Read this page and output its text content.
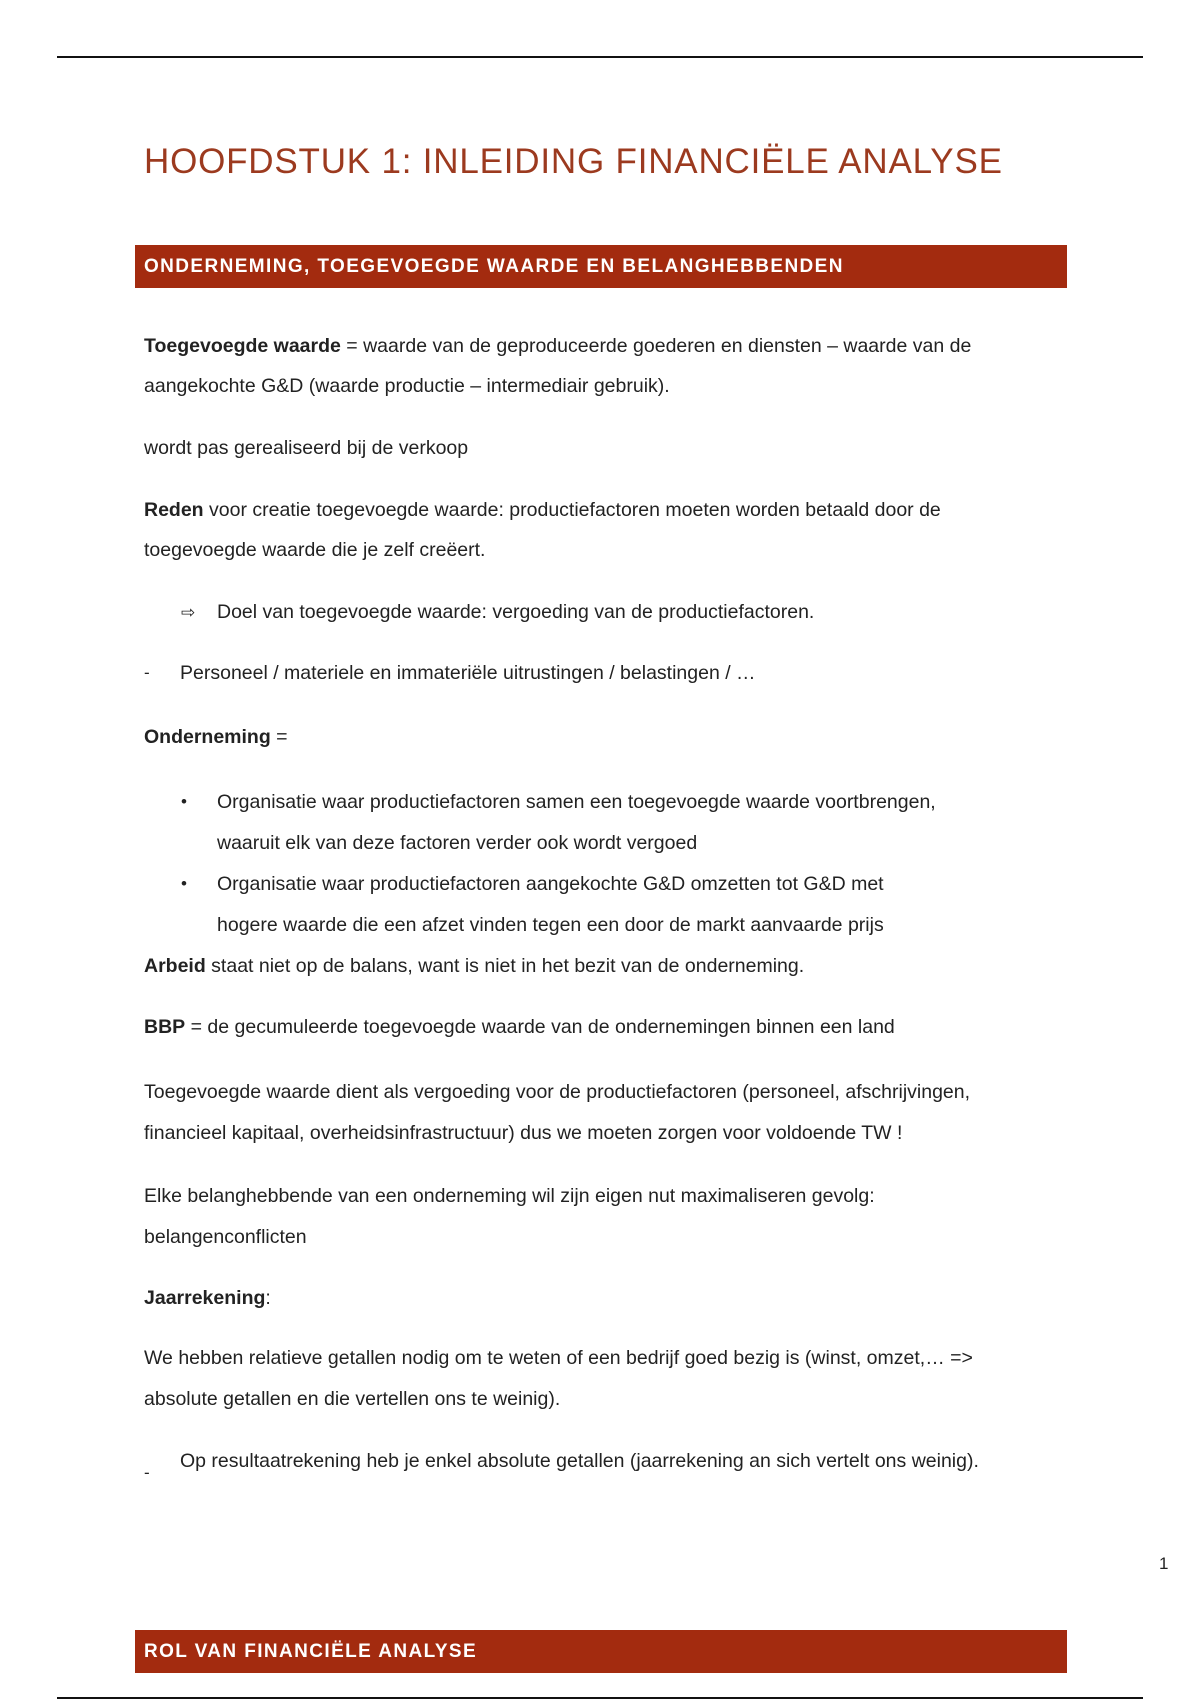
HOOFDSTUK 1: INLEIDING FINANCIËLE ANALYSE
ONDERNEMING, TOEGEVOEGDE WAARDE EN BELANGHEBBENDEN
Toegevoegde waarde = waarde van de geproduceerde goederen en diensten – waarde van de
aangekochte G&D (waarde productie – intermediair gebruik).
wordt pas gerealiseerd bij de verkoop
Reden voor creatie toegevoegde waarde: productiefactoren moeten worden betaald door de
toegevoegde waarde die je zelf creëert.
⇨ Doel van toegevoegde waarde: vergoeding van de productiefactoren.
- Personeel / materiele en immateriële uitrustingen / belastingen / …
Onderneming =
• Organisatie waar productiefactoren samen een toegevoegde waarde voortbrengen,
waaruit elk van deze factoren verder ook wordt vergoed
• Organisatie waar productiefactoren aangekochte G&D omzetten tot G&D met
hogere waarde die een afzet vinden tegen een door de markt aanvaarde prijs
Arbeid staat niet op de balans, want is niet in het bezit van de onderneming.
BBP = de gecumuleerde toegevoegde waarde van de ondernemingen binnen een land
Toegevoegde waarde dient als vergoeding voor de productiefactoren (personeel, afschrijvingen,
financieel kapitaal, overheidsinfrastructuur) dus we moeten zorgen voor voldoende TW !
Elke belanghebbende van een onderneming wil zijn eigen nut maximaliseren gevolg:
belangenconflicten
Jaarrekening:
We hebben relatieve getallen nodig om te weten of een bedrijf goed bezig is (winst, omzet,… =>
absolute getallen en die vertellen ons te weinig).
-
Op resultaatrekening heb je enkel absolute getallen (jaarrekening an sich vertelt ons weinig).
ROL VAN FINANCIËLE ANALYSE
1
